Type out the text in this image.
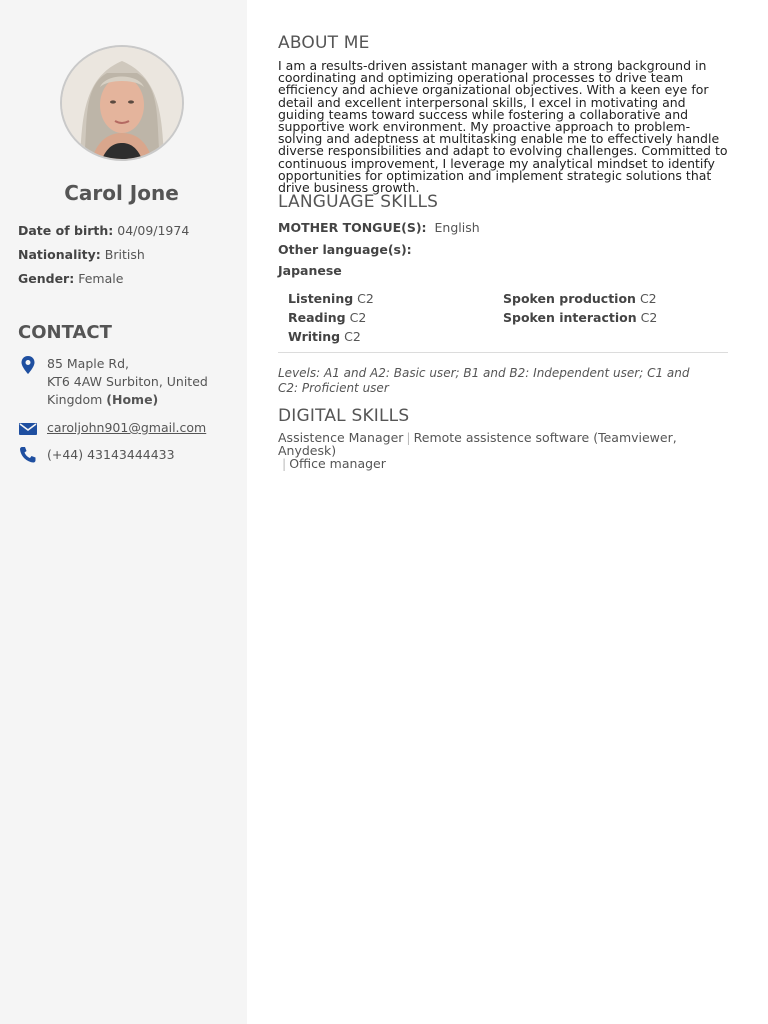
Carol Jone
Date of birth: 04/09/1974
Nationality: British
Gender: Female
CONTACT
85 Maple Rd,
KT6 4AW Surbiton, United Kingdom (Home)
caroljohn901@gmail.com
(+44) 43143444433
ABOUT ME
I am a results-driven assistant manager with a strong background in coordinating and optimizing operational processes to drive team efficiency and achieve organizational objectives. With a keen eye for detail and excellent interpersonal skills, I excel in motivating and guiding teams toward success while fostering a collaborative and supportive work environment. My proactive approach to problem-solving and adeptness at multitasking enable me to effectively handle diverse responsibilities and adapt to evolving challenges. Committed to continuous improvement, I leverage my analytical mindset to identify opportunities for optimization and implement strategic solutions that drive business growth.
LANGUAGE SKILLS
MOTHER TONGUE(S): English
Other language(s):
Japanese
Listening C2
Reading C2
Writing C2
Spoken production C2
Spoken interaction C2
Levels: A1 and A2: Basic user; B1 and B2: Independent user; C1 and C2: Proficient user
DIGITAL SKILLS
Assistence Manager | Remote assistence software (Teamviewer, Anydesk)
| Office manager
